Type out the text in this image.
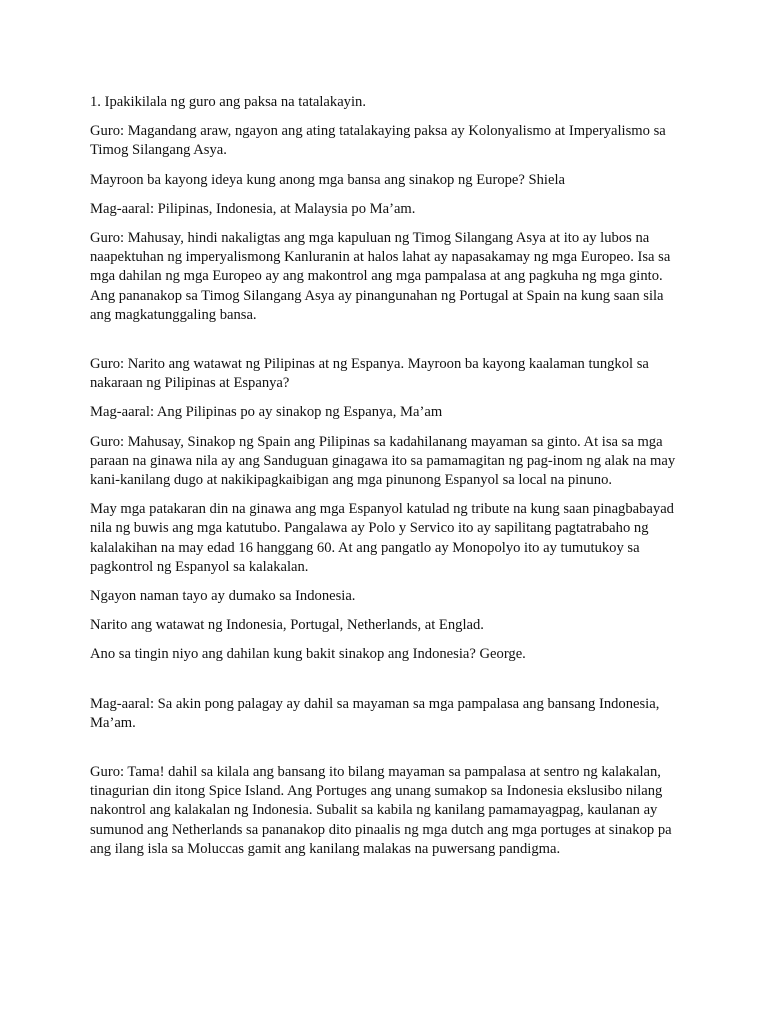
1. Ipakikilala ng guro ang paksa na tatalakayin.

Guro: Magandang araw, ngayon ang ating tatalakaying paksa ay Kolonyalismo at Imperyalismo sa Timog Silangang Asya.

Mayroon ba kayong ideya kung anong mga bansa ang sinakop ng Europe? Shiela

Mag-aaral: Pilipinas, Indonesia, at Malaysia po Ma’am.

Guro: Mahusay, hindi nakaligtas ang mga kapuluan ng Timog Silangang Asya at ito ay lubos na naapektuhan ng imperyalismong Kanluranin at halos lahat ay napasakamay ng mga Europeo. Isa sa mga dahilan ng mga Europeo ay ang makontrol ang mga pampalasa at ang pagkuha ng mga ginto. Ang pananakop sa Timog Silangang Asya ay pinangunahan ng Portugal at Spain na kung saan sila ang magkatunggaling bansa.

Guro: Narito ang watawat ng Pilipinas at ng Espanya. Mayroon ba kayong kaalaman tungkol sa nakaraan ng Pilipinas at Espanya?

Mag-aaral: Ang Pilipinas po ay sinakop ng Espanya, Ma’am

Guro: Mahusay, Sinakop ng Spain ang Pilipinas sa kadahilanang mayaman sa ginto. At isa sa mga paraan na ginawa nila ay ang Sanduguan ginagawa ito sa pamamagitan ng pag-inom ng alak na may kani-kanilang dugo at nakikipagkaibigan ang mga pinunong Espanyol sa local na pinuno.

May mga patakaran din na ginawa ang mga Espanyol katulad ng tribute na kung saan pinagbabayad nila ng buwis ang mga katutubo. Pangalawa ay Polo y Servico ito ay sapilitang pagtatrabaho ng kalalakihan na may edad 16 hanggang 60. At ang pangatlo ay Monopolyo ito ay tumutukoy sa pagkontrol ng Espanyol sa kalakalan.

Ngayon naman tayo ay dumako sa Indonesia.

Narito ang watawat ng Indonesia, Portugal, Netherlands, at Englad.

Ano sa tingin niyo ang dahilan kung bakit sinakop ang Indonesia? George.

Mag-aaral: Sa akin pong palagay ay dahil sa mayaman sa mga pampalasa ang bansang Indonesia, Ma’am.

Guro: Tama! dahil sa kilala ang bansang ito bilang mayaman sa pampalasa at sentro ng kalakalan, tinagurian din itong Spice Island. Ang Portuges ang unang sumakop sa Indonesia ekslusibo nilang nakontrol ang kalakalan ng Indonesia. Subalit sa kabila ng kanilang pamamayagpag, kaulanan ay sumunod ang Netherlands sa pananakop dito pinaalis ng mga dutch ang mga portuges at sinakop pa ang ilang isla sa Moluccas gamit ang kanilang malakas na puwersang pandigma.
